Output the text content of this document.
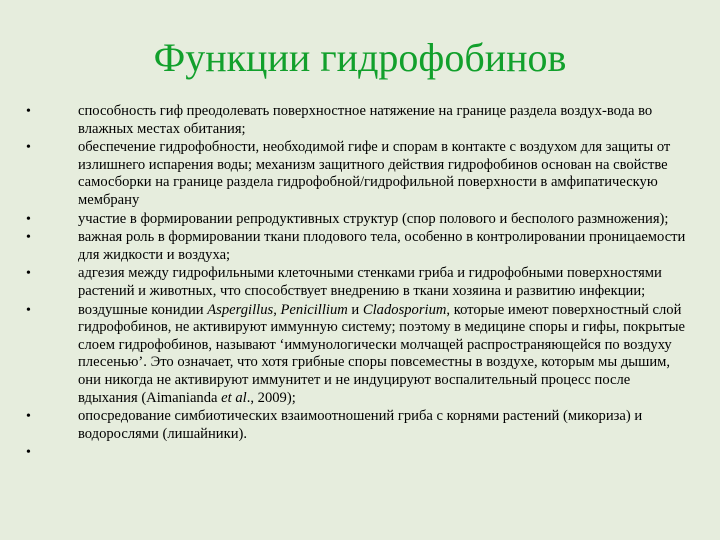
Функции гидрофобинов
•	способность гиф преодолевать поверхностное натяжение на границе раздела воздух-вода во влажных местах обитания;
•	обеспечение гидрофобности, необходимой гифе и спорам в контакте с воздухом для защиты от излишнего испарения воды; механизм защитного действия гидрофобинов основан на свойстве самосборки на границе раздела гидрофобной/гидрофильной поверхности в амфипатическую мембрану
•	участие в формировании репродуктивных структур (спор полового и бесполого размножения);
•	важная роль в формировании ткани плодового тела, особенно в контролировании проницаемости для жидкости и воздуха;
•	адгезия между гидрофильными клеточными стенками гриба и гидрофобными поверхностями растений и животных, что способствует внедрению в ткани хозяина и развитию инфекции;
•	воздушные конидии Aspergillus, Penicillium и Cladosporium, которые имеют поверхностный слой гидрофобинов, не активируют иммунную систему; поэтому в медицине споры и гифы, покрытые слоем гидрофобинов, называют ‘иммунологически молчащей распространяющейся по воздуху плесенью’. Это означает, что хотя грибные споры повсеместны в воздухе, которым мы дышим, они никогда не активируют иммунитет и не индуцируют воспалительный процесс после вдыхания (Aimanianda et al., 2009);
•	опосредование симбиотических взаимоотношений гриба с корнями растений (микориза) и водорослями (лишайники).
•
